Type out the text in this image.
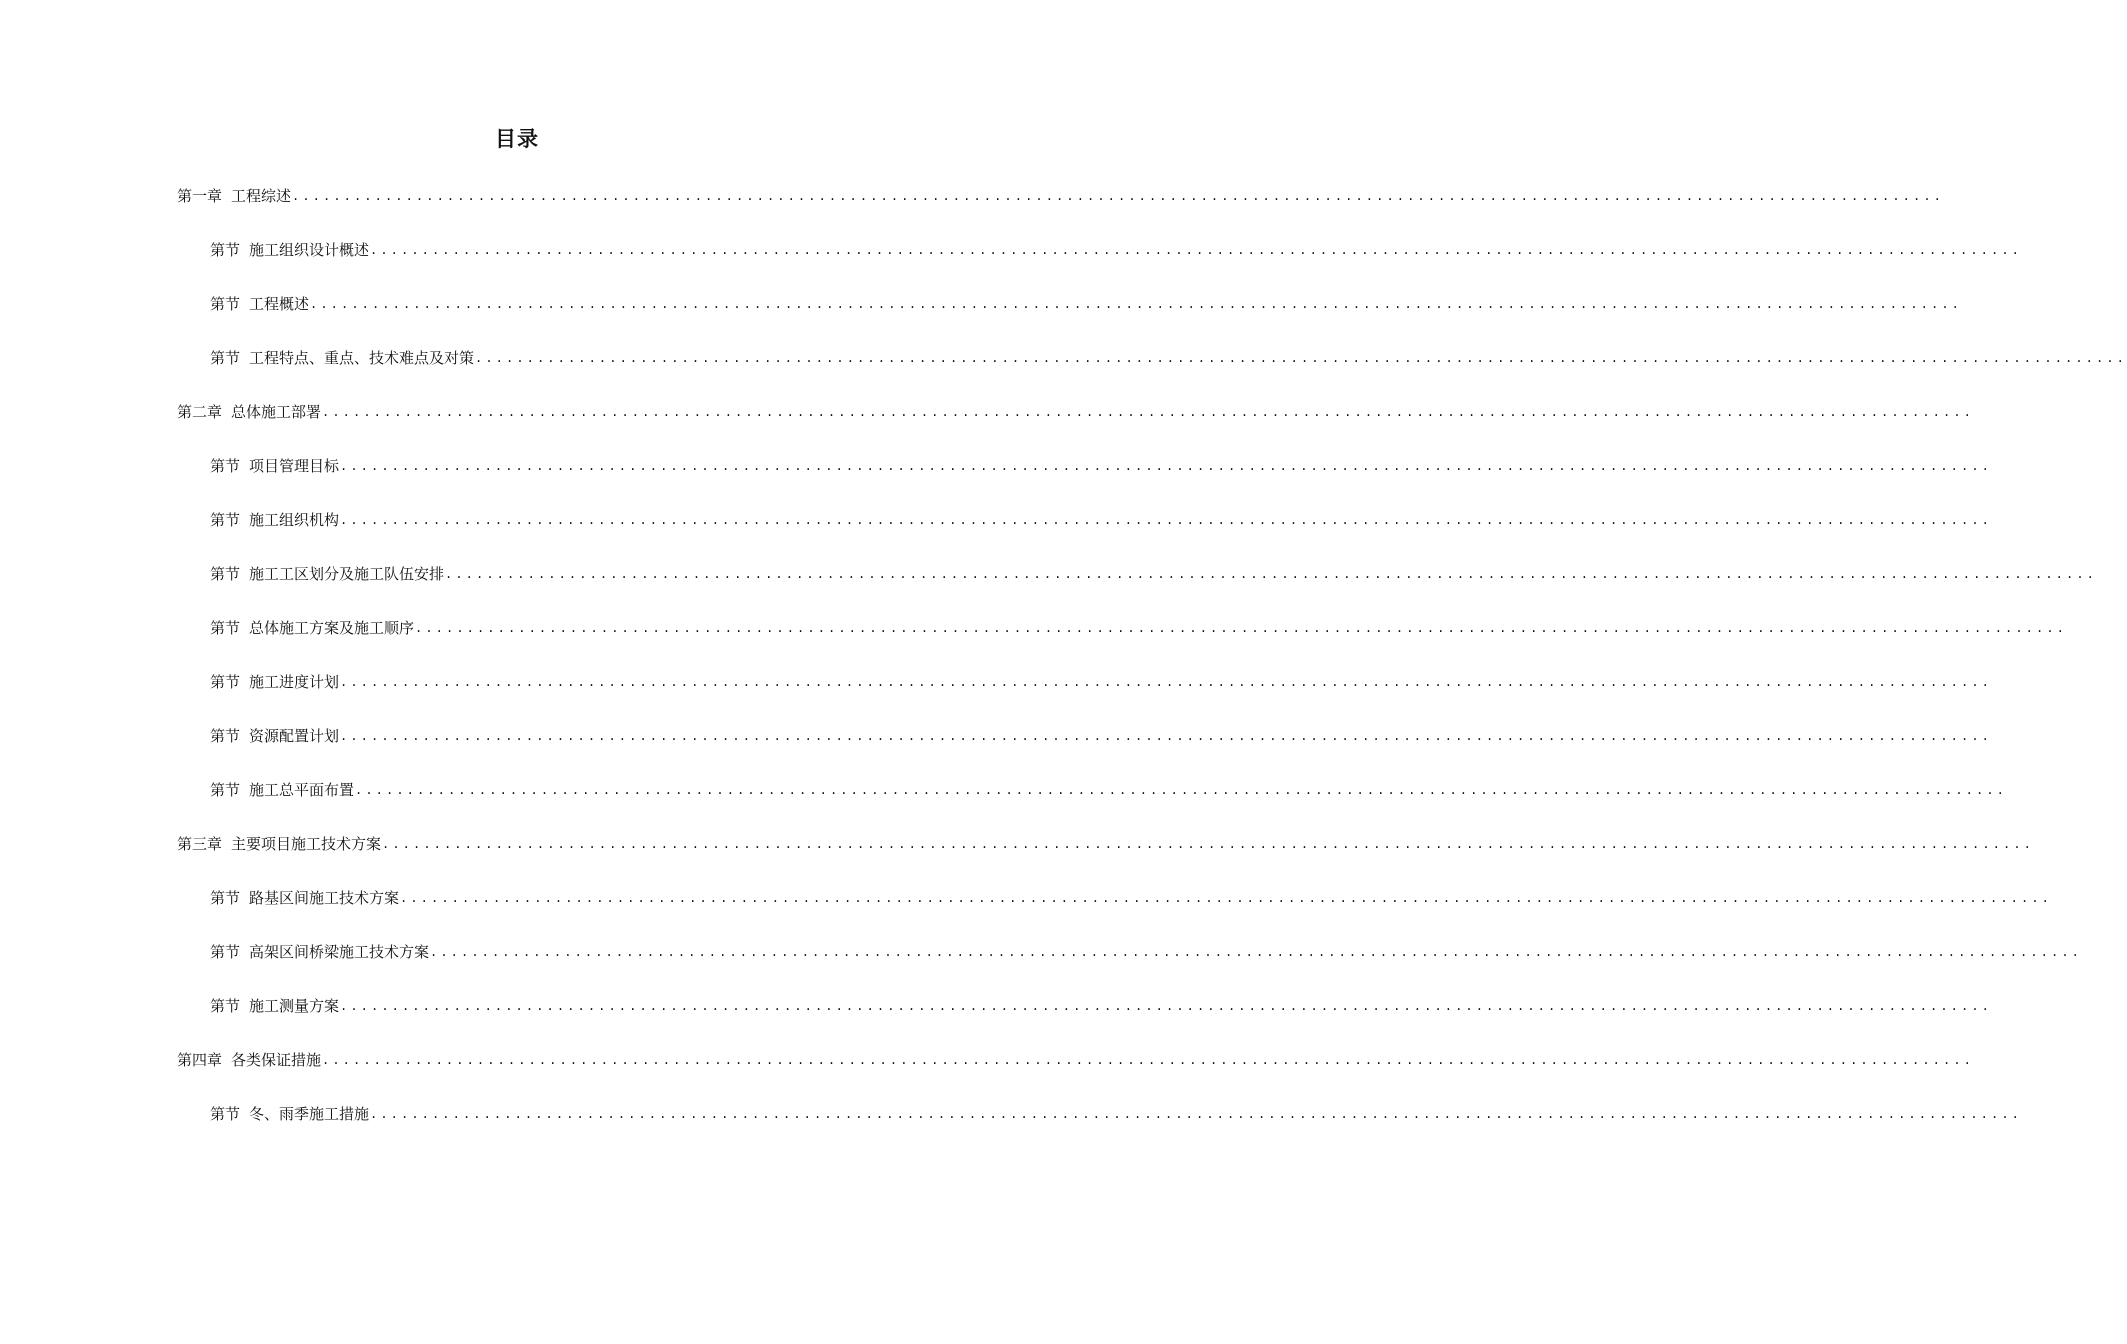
目录
第一章 工程综述 ................................................................................................................................................................
第节 施工组织设计概述 ................................................................................................................................................................
第节 工程概述 ................................................................................................................................................................
第节 工程特点、重点、技术难点及对策 ................................................................................................................................................................
第二章 总体施工部署 ................................................................................................................................................................
第节 项目管理目标 ................................................................................................................................................................
第节 施工组织机构 ................................................................................................................................................................
第节 施工工区划分及施工队伍安排 ................................................................................................................................................................
第节 总体施工方案及施工顺序 ................................................................................................................................................................
第节 施工进度计划 ................................................................................................................................................................
第节 资源配置计划 ................................................................................................................................................................
第节 施工总平面布置 ................................................................................................................................................................
第三章 主要项目施工技术方案 ................................................................................................................................................................
第节 路基区间施工技术方案 ................................................................................................................................................................
第节 高架区间桥梁施工技术方案 ................................................................................................................................................................
第节 施工测量方案 ................................................................................................................................................................
第四章 各类保证措施 ................................................................................................................................................................
第节 冬、雨季施工措施 ................................................................................................................................................................
